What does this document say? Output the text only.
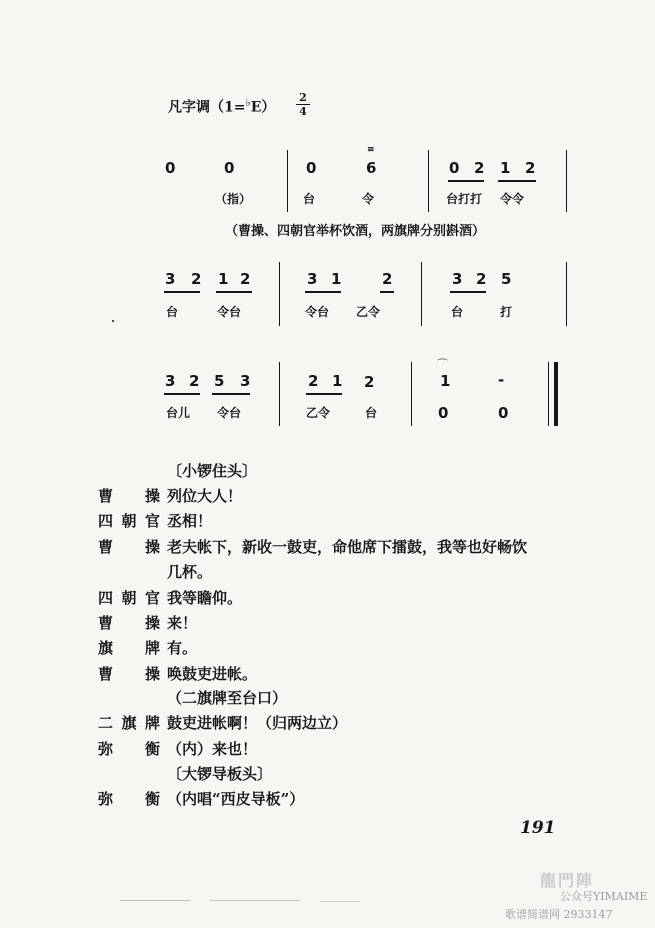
凡字调（1=♭E）
2
4
0	0	0
≡
6	0 2 1 2
（指）	台	令	台打打 令令
（曹操、四朝官举杯饮酒，两旗牌分别斟酒）
3 2 1 2	3 1	2	3 2 5
台	令台	令台 乙令	台	打
3 2 5 3	2 1 2
⌒
1	-
台儿 令台	乙令	台	0	0
〔小锣住头〕
曹操 列位大人！
四朝官 丞相！
曹操 老夫帐下，新收一鼓吏，命他席下擂鼓，我等也好畅饮
几杯。
四朝官 我等瞻仰。
曹操 来！
旗牌 有。
曹操 唤鼓吏进帐。
（二旗牌至台口）
二旗牌 鼓吏进帐啊！（归两边立）
弥衡 （内）来也！
〔大锣导板头〕
弥衡 （内唱“西皮导板”）
191
龍門陣
公众号YIMAIME
歌谱简谱网 2933147
